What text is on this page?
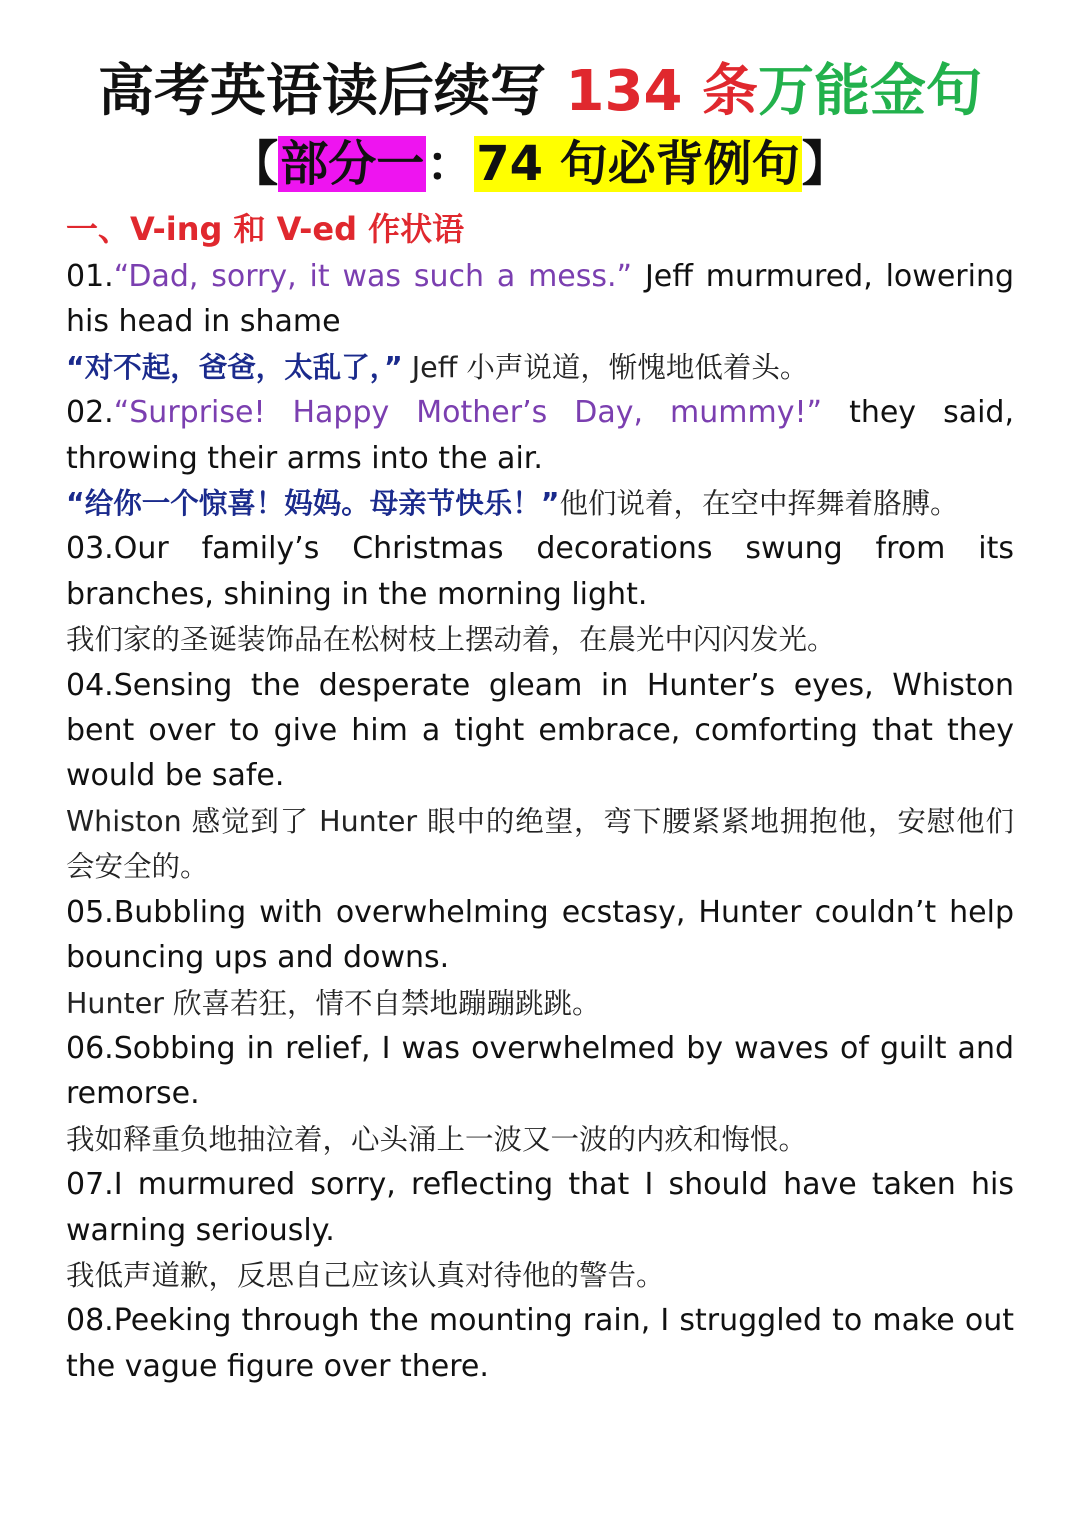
高考英语读后续写 134 条万能金句
【部分一：74 句必背例句】
一、V-ing 和 V-ed 作状语

01.“Dad, sorry, it was such a mess.” Jeff murmured, lowering his head in shame

“对不起，爸爸，太乱了，” Jeff 小声说道，惭愧地低着头。

02.“Surprise! Happy Mother’s Day, mummy!” they said, throwing their arms into the air.

“给你一个惊喜！妈妈。母亲节快乐！”他们说着，在空中挥舞着胳膊。

03.Our family’s Christmas decorations swung from its branches, shining in the morning light.

我们家的圣诞装饰品在松树枝上摆动着，在晨光中闪闪发光。

04.Sensing the desperate gleam in Hunter’s eyes, Whiston bent over to give him a tight embrace, comforting that they would be safe.

Whiston 感觉到了 Hunter 眼中的绝望，弯下腰紧紧地拥抱他，安慰他们会安全的。

05.Bubbling with overwhelming ecstasy, Hunter couldn’t help bouncing ups and downs.

Hunter 欣喜若狂，情不自禁地蹦蹦跳跳。

06.Sobbing in relief, I was overwhelmed by waves of guilt and remorse.

我如释重负地抽泣着，心头涌上一波又一波的内疚和悔恨。

07.I murmured sorry, reflecting that I should have taken his warning seriously.

我低声道歉，反思自己应该认真对待他的警告。

08.Peeking through the mounting rain, I struggled to make out the vague figure over there.
